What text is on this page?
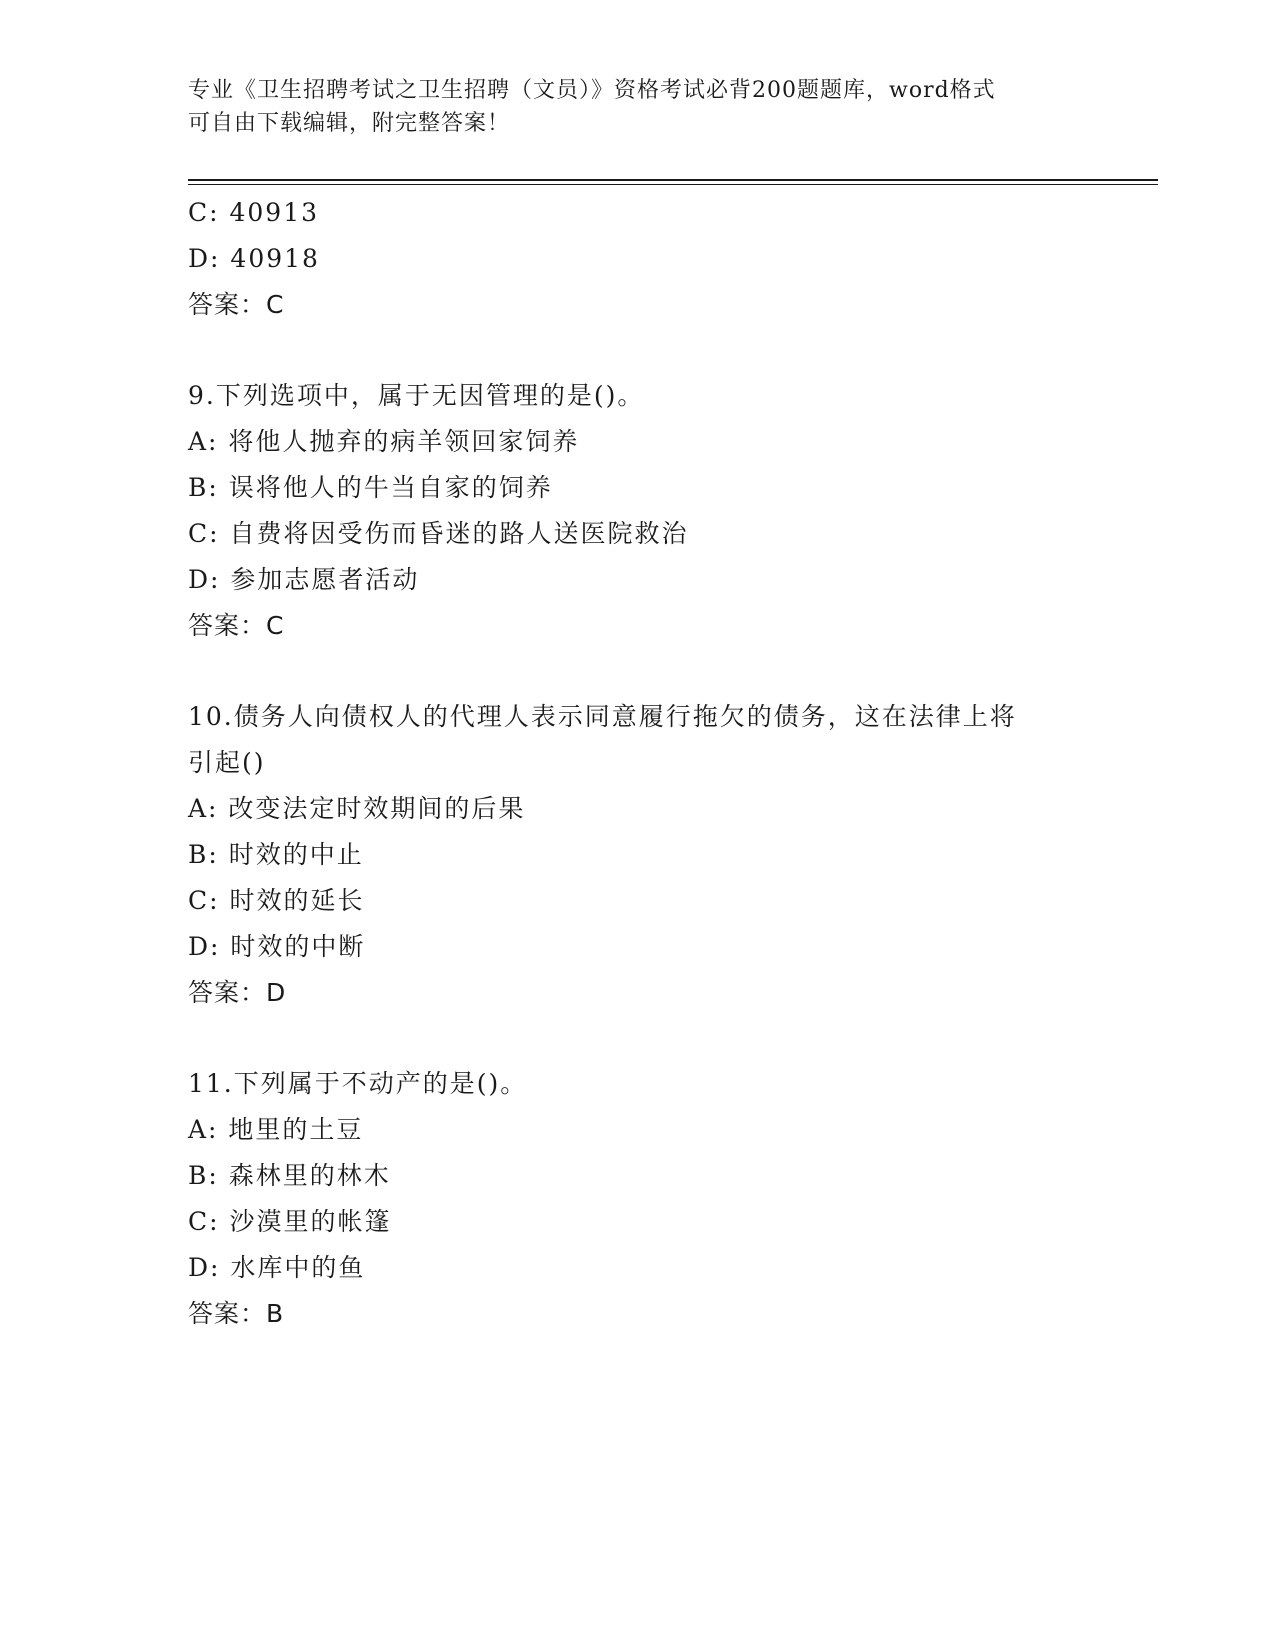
专业《卫生招聘考试之卫生招聘（文员）》资格考试必背200题题库，word格式
可自由下载编辑，附完整答案！
C: 40913
D: 40918
答案：C
9.下列选项中，属于无因管理的是()。
A: 将他人抛弃的病羊领回家饲养
B: 误将他人的牛当自家的饲养
C: 自费将因受伤而昏迷的路人送医院救治
D: 参加志愿者活动
答案：C
10.债务人向债权人的代理人表示同意履行拖欠的债务，这在法律上将
引起()
A: 改变法定时效期间的后果
B: 时效的中止
C: 时效的延长
D: 时效的中断
答案：D
11.下列属于不动产的是()。
A: 地里的土豆
B: 森林里的林木
C: 沙漠里的帐篷
D: 水库中的鱼
答案：B
